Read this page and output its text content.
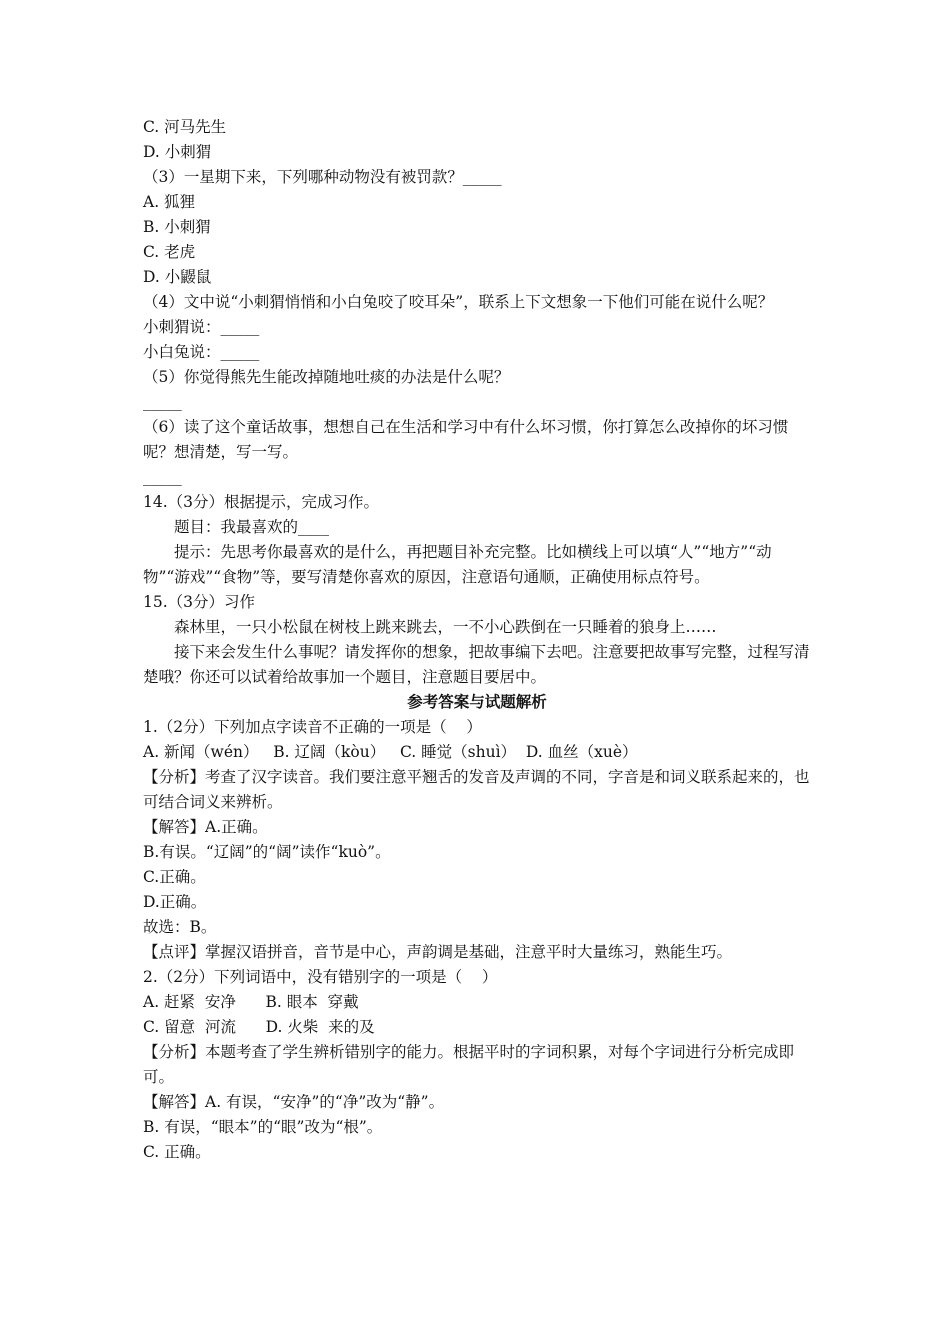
C. 河马先生

D. 小刺猬

（3）一星期下来，下列哪种动物没有被罚款？_____

A. 狐狸

B. 小刺猬

C. 老虎

D. 小鼹鼠

（4）文中说“小刺猬悄悄和小白兔咬了咬耳朵”，联系上下文想象一下他们可能在说什么呢？

小刺猬说：_____

小白兔说：_____

（5）你觉得熊先生能改掉随地吐痰的办法是什么呢？

_____

（6）读了这个童话故事，想想自己在生活和学习中有什么坏习惯，你打算怎么改掉你的坏习惯呢？想清楚，写一写。

_____

14.（3分）根据提示，完成习作。

题目：我最喜欢的____

提示：先思考你最喜欢的是什么，再把题目补充完整。比如横线上可以填“人”“地方”“动物”“游戏”“食物”等，要写清楚你喜欢的原因，注意语句通顺，正确使用标点符号。

15.（3分）习作

森林里，一只小松鼠在树枝上跳来跳去，一不小心跌倒在一只睡着的狼身上……

接下来会发生什么事呢？请发挥你的想象，把故事编下去吧。注意要把故事写完整，过程写清楚哦？你还可以试着给故事加一个题目，注意题目要居中。

参考答案与试题解析

1.（2分）下列加点字读音不正确的一项是（    ）

A. 新闻（wén）   B. 辽阔（kòu）   C. 睡觉（shuì）  D. 血丝（xuè）

【分析】考查了汉字读音。我们要注意平翘舌的发音及声调的不同，字音是和词义联系起来的，也可结合词义来辨析。

【解答】A.正确。

B.有误。“辽阔”的“阔”读作“kuò”。

C.正确。

D.正确。

故选：B。

【点评】掌握汉语拼音，音节是中心，声韵调是基础，注意平时大量练习，熟能生巧。

2.（2分）下列词语中，没有错别字的一项是（    ）

A. 赶紧  安净      B. 眼本  穿戴

C. 留意  河流      D. 火柴  来的及

【分析】本题考查了学生辨析错别字的能力。根据平时的字词积累，对每个字词进行分析完成即可。

【解答】A. 有误，“安净”的“净”改为“静”。

B. 有误，“眼本”的“眼”改为“根”。

C. 正确。
